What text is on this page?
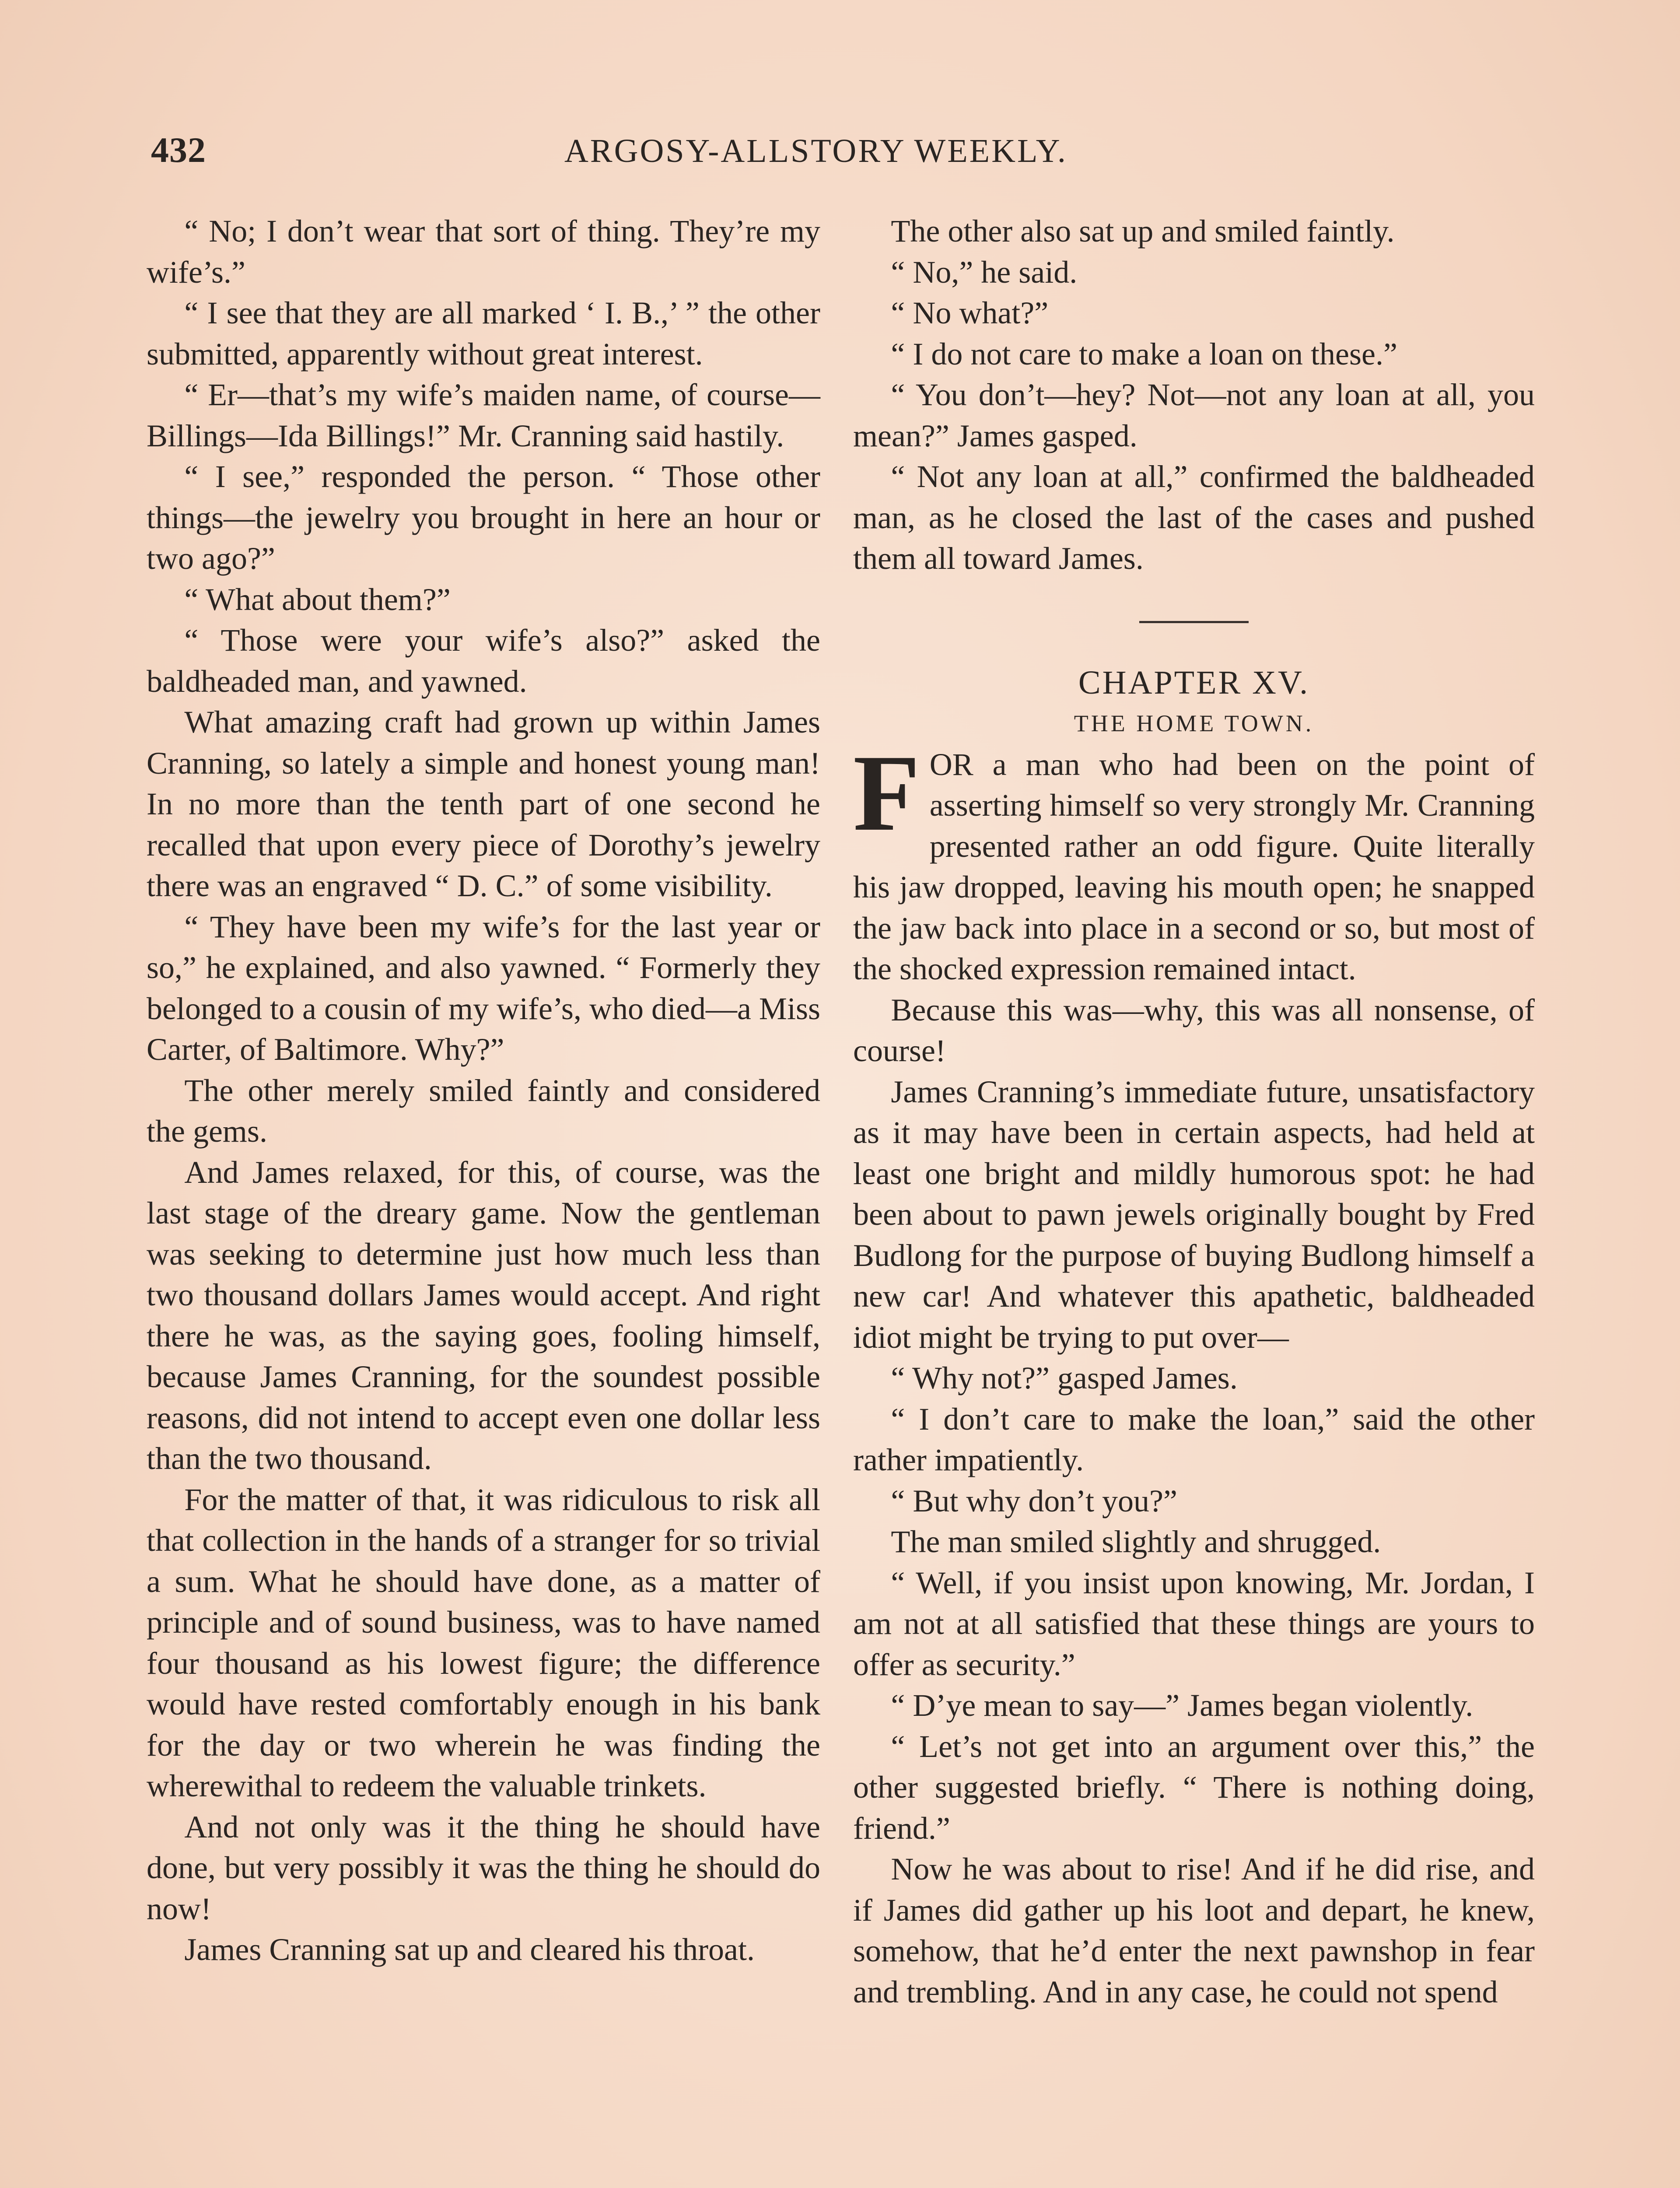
432	ARGOSY-ALLSTORY WEEKLY.

“ No; I don’t wear that sort of thing. They’re my wife’s.”

“ I see that they are all marked ‘ I. B.,’ ” the other submitted, apparently without great interest.

“ Er—that’s my wife’s maiden name, of course—Billings—Ida Billings!” Mr. Cranning said hastily.

“ I see,” responded the person. “ Those other things—the jewelry you brought in here an hour or two ago?”

“ What about them?”

“ Those were your wife’s also?” asked the baldheaded man, and yawned.

What amazing craft had grown up within James Cranning, so lately a simple and honest young man! In no more than the tenth part of one second he recalled that upon every piece of Dorothy’s jewelry there was an engraved “ D. C.” of some visibility.

“ They have been my wife’s for the last year or so,” he explained, and also yawned. “ Formerly they belonged to a cousin of my wife’s, who died—a Miss Carter, of Baltimore. Why?”

The other merely smiled faintly and considered the gems.

And James relaxed, for this, of course, was the last stage of the dreary game. Now the gentleman was seeking to determine just how much less than two thousand dollars James would accept. And right there he was, as the saying goes, fooling himself, because James Cranning, for the soundest possible reasons, did not intend to accept even one dollar less than the two thousand.

For the matter of that, it was ridiculous to risk all that collection in the hands of a stranger for so trivial a sum. What he should have done, as a matter of principle and of sound business, was to have named four thousand as his lowest figure; the difference would have rested comfortably enough in his bank for the day or two wherein he was finding the wherewithal to redeem the valuable trinkets.

And not only was it the thing he should have done, but very possibly it was the thing he should do now!

James Cranning sat up and cleared his throat.

The other also sat up and smiled faintly.

“ No,” he said.

“ No what?”

“ I do not care to make a loan on these.”

“ You don’t—hey? Not—not any loan at all, you mean?” James gasped.

“ Not any loan at all,” confirmed the baldheaded man, as he closed the last of the cases and pushed them all toward James.

CHAPTER XV.

THE HOME TOWN.

FOR a man who had been on the point of asserting himself so very strongly Mr. Cranning presented rather an odd figure. Quite literally his jaw dropped, leaving his mouth open; he snapped the jaw back into place in a second or so, but most of the shocked expression remained intact.

Because this was—why, this was all nonsense, of course!

James Cranning’s immediate future, unsatisfactory as it may have been in certain aspects, had held at least one bright and mildly humorous spot: he had been about to pawn jewels originally bought by Fred Budlong for the purpose of buying Budlong himself a new car! And whatever this apathetic, baldheaded idiot might be trying to put over—

“ Why not?” gasped James.

“ I don’t care to make the loan,” said the other rather impatiently.

“ But why don’t you?”

The man smiled slightly and shrugged.

“ Well, if you insist upon knowing, Mr. Jordan, I am not at all satisfied that these things are yours to offer as security.”

“ D’ye mean to say—” James began violently.

“ Let’s not get into an argument over this,” the other suggested briefly. “ There is nothing doing, friend.”

Now he was about to rise! And if he did rise, and if James did gather up his loot and depart, he knew, somehow, that he’d enter the next pawnshop in fear and trembling. And in any case, he could not spend
